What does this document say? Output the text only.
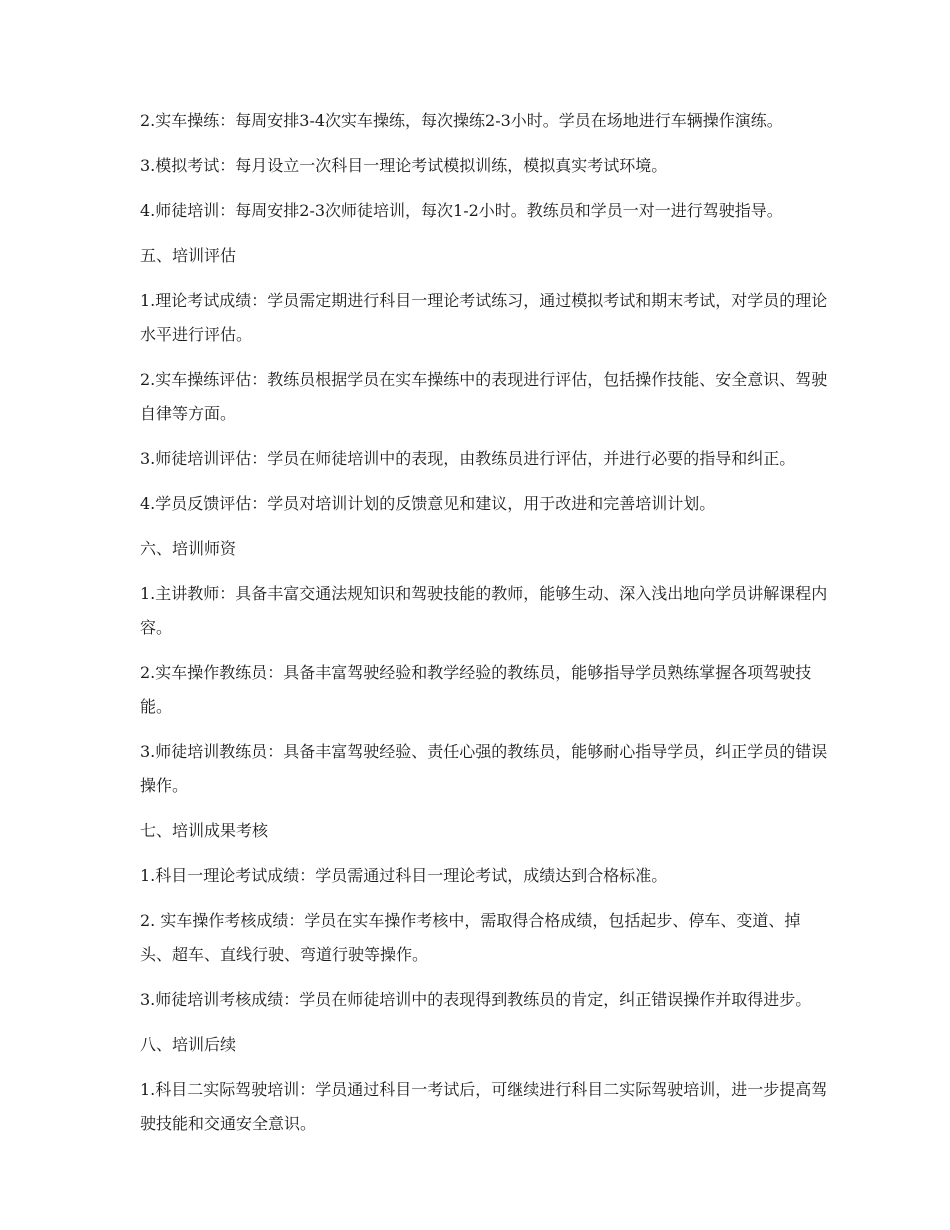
2.实车操练：每周安排3-4次实车操练，每次操练2-3小时。学员在场地进行车辆操作演练。

3.模拟考试：每月设立一次科目一理论考试模拟训练，模拟真实考试环境。

4.师徒培训：每周安排2-3次师徒培训，每次1-2小时。教练员和学员一对一进行驾驶指导。

五、培训评估

1.理论考试成绩：学员需定期进行科目一理论考试练习，通过模拟考试和期末考试，对学员的理论水平进行评估。

2.实车操练评估：教练员根据学员在实车操练中的表现进行评估，包括操作技能、安全意识、驾驶自律等方面。

3.师徒培训评估：学员在师徒培训中的表现，由教练员进行评估，并进行必要的指导和纠正。

4.学员反馈评估：学员对培训计划的反馈意见和建议，用于改进和完善培训计划。

六、培训师资

1.主讲教师：具备丰富交通法规知识和驾驶技能的教师，能够生动、深入浅出地向学员讲解课程内容。

2.实车操作教练员：具备丰富驾驶经验和教学经验的教练员，能够指导学员熟练掌握各项驾驶技能。

3.师徒培训教练员：具备丰富驾驶经验、责任心强的教练员，能够耐心指导学员，纠正学员的错误操作。

七、培训成果考核

1.科目一理论考试成绩：学员需通过科目一理论考试，成绩达到合格标准。

2. 实车操作考核成绩：学员在实车操作考核中，需取得合格成绩，包括起步、停车、变道、掉头、超车、直线行驶、弯道行驶等操作。

3.师徒培训考核成绩：学员在师徒培训中的表现得到教练员的肯定，纠正错误操作并取得进步。

八、培训后续

1.科目二实际驾驶培训：学员通过科目一考试后，可继续进行科目二实际驾驶培训，进一步提高驾驶技能和交通安全意识。
